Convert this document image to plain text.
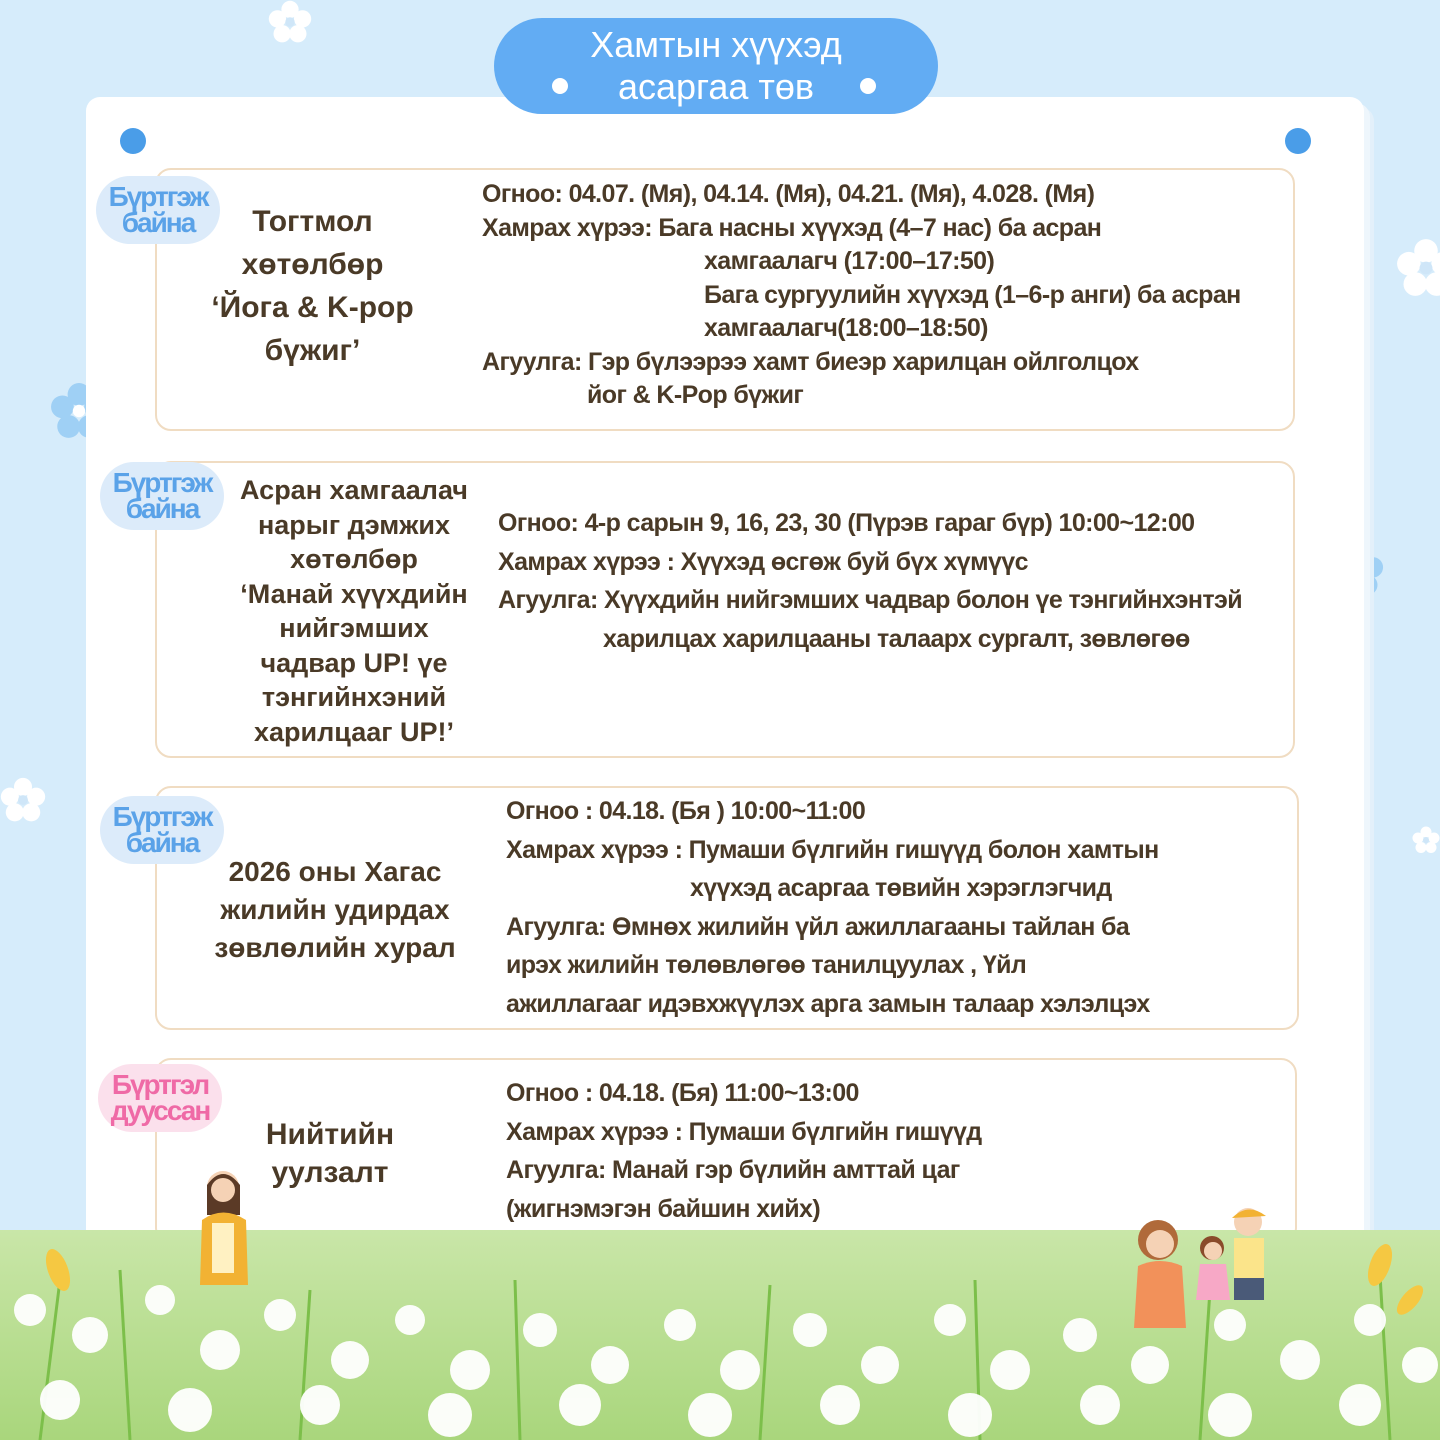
Хамтын хүүхэд
асаргаа төв
Бүртгэж
байна	Тогтмол
хөтөлбөр
‘Йога & K-pop
бүжиг’
Огноо: 04.07. (Мя), 04.14. (Мя), 04.21. (Мя), 4.028. (Мя)
Хамрах хүрээ: Бага насны хүүхэд (4–7 нас) ба асран
хамгаалагч (17:00–17:50)
Бага сургуулийн хүүхэд (1–6-р анги) ба асран
хамгаалагч(18:00–18:50)
Агуулга: Гэр бүлээрээ хамт биеэр харилцан ойлголцох
йог & K-Pop бүжиг
Бүртгэж
байна
Асран хамгаалач
нарыг дэмжих
хөтөлбөр
‘Манай хүүхдийн
нийгэмших
чадвар UP! үе
тэнгийнхэний
харилцааг UP!’
Огноо: 4-р сарын 9, 16, 23, 30 (Пүрэв гараг бүр) 10:00~12:00
Хамрах хүрээ : Хүүхэд өсгөж буй бүх хүмүүс
Агуулга: Хүүхдийн нийгэмших чадвар болон үе тэнгийнхэнтэй
харилцах харилцааны талаарх сургалт, зөвлөгөө
Бүртгэж
байна
2026 оны Хагас
жилийн удирдах
зөвлөлийн хурал
Огноо : 04.18. (Бя ) 10:00~11:00
Хамрах хүрээ : Пумаши бүлгийн гишүүд болон хамтын
хүүхэд асаргаа төвийн хэрэглэгчид
Агуулга: Өмнөх жилийн үйл ажиллагааны тайлан ба
ирэх жилийн төлөвлөгөө танилцуулах , Үйл
ажиллагааг идэвхжүүлэх арга замын талаар хэлэлцэх
Бүртгэл
дууссан
Нийтийн
уулзалт
Огноо : 04.18. (Бя) 11:00~13:00
Хамрах хүрээ : Пумаши бүлгийн гишүүд
Агуулга: Манай гэр бүлийн амттай цаг
(жигнэмэгэн байшин хийх)
